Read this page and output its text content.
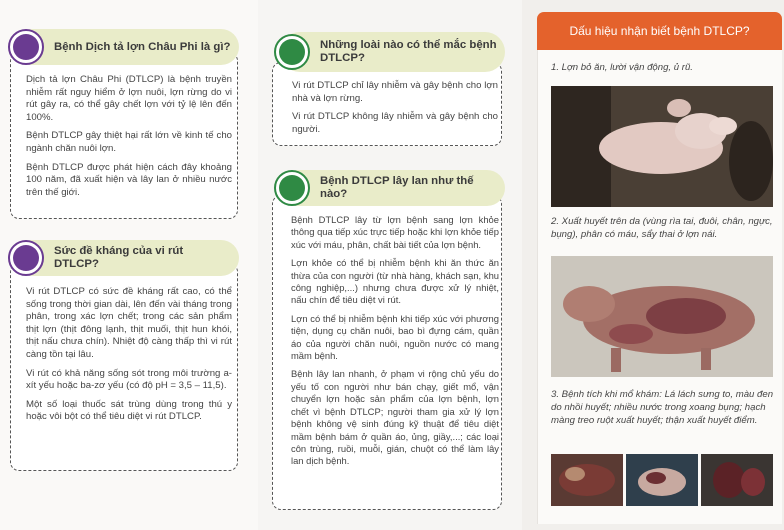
Bệnh Dịch tả lợn Châu Phi là gì?

Dịch tả lợn Châu Phi (DTLCP) là bệnh truyền nhiễm rất nguy hiểm ở lợn nuôi, lợn rừng do vi rút gây ra, có thể gây chết lợn với tỷ lệ lên đến 100%.

Bệnh DTLCP gây thiệt hại rất lớn về kinh tế cho ngành chăn nuôi lợn.

Bệnh DTLCP được phát hiện cách đây khoảng 100 năm, đã xuất hiện và lây lan ở nhiều nước trên thế giới.

Sức đề kháng của vi rút DTLCP?

Vi rút DTLCP có sức đề kháng rất cao, có thể sống trong thời gian dài, lên đến vài tháng trong phân, trong xác lợn chết; trong các sản phẩm thịt lợn (thịt đông lạnh, thịt muối, thịt hun khói, thịt nấu chưa chín). Nhiệt độ càng thấp thì vi rút càng tồn tại lâu.

Vi rút có khả năng sống sót trong môi trường a-xít yếu hoặc ba-zơ yếu (có độ pH = 3,5 – 11,5).

Một số loại thuốc sát trùng dùng trong thú y hoặc vôi bột có thể tiêu diệt vi rút DTLCP.

Những loài nào có thể mắc bệnh DTLCP?

Vi rút DTLCP chỉ lây nhiễm và gây bệnh cho lợn nhà và lợn rừng.

Vi rút DTLCP không lây nhiễm và gây bệnh cho người.

Bệnh DTLCP lây lan như thế nào?

Bệnh DTLCP lây từ lợn bệnh sang lợn khỏe thông qua tiếp xúc trực tiếp hoặc khi lợn khỏe tiếp xúc với máu, phân, chất bài tiết của lợn bệnh.

Lợn khỏe có thể bị nhiễm bệnh khi ăn thức ăn thừa của con người (từ nhà hàng, khách sạn, khu công nghiệp,...) nhưng chưa được xử lý nhiệt, nấu chín để tiêu diệt vi rút.

Lợn có thể bị nhiễm bệnh khi tiếp xúc với phương tiện, dụng cụ chăn nuôi, bao bì đựng cám, quần áo của người chăn nuôi, nguồn nước có mang mầm bệnh.

Bệnh lây lan nhanh, ở phạm vi rộng chủ yếu do yếu tố con người như bán chạy, giết mổ, vận chuyển lợn hoặc sản phẩm của lợn bệnh, lợn chết vì bệnh DTLCP; người tham gia xử lý lợn bệnh không vệ sinh đúng kỹ thuật để tiêu diệt mầm bệnh bám ở quần áo, ủng, giầy,...; các loại côn trùng, ruồi, muỗi, gián, chuột có thể làm lây lan dịch bệnh.

Dấu hiệu nhận biết bệnh DTLCP?
1. Lợn bỏ ăn, lười vận động, ủ rũ.
2. Xuất huyết trên da (vùng rìa tai, đuôi, chân, ngực, bụng), phân có máu, sẩy thai ở lợn nái.
3. Bệnh tích khi mổ khám: Lá lách sưng to, màu đen do nhồi huyết; nhiều nước trong xoang bụng; hạch màng treo ruột xuất huyết; thận xuất huyết điểm.
